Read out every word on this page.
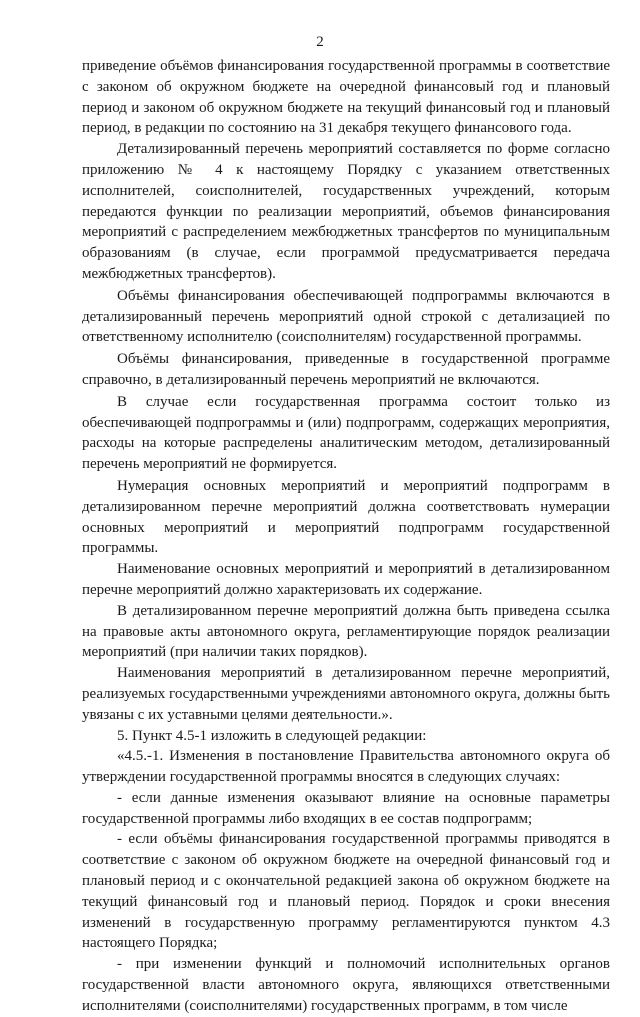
2

приведение объёмов финансирования государственной программы в соответствие с законом об окружном бюджете на очередной финансовый год и плановый период и законом об окружном бюджете на текущий финансовый год и плановый период, в редакции по состоянию на 31 декабря текущего финансового года.

Детализированный перечень мероприятий составляется по форме согласно приложению № 4 к настоящему Порядку с указанием ответственных исполнителей, соисполнителей, государственных учреждений, которым передаются функции по реализации мероприятий, объемов финансирования мероприятий с распределением межбюджетных трансфертов по муниципальным образованиям (в случае, если программой предусматривается передача межбюджетных трансфертов).

Объёмы финансирования обеспечивающей подпрограммы включаются в детализированный перечень мероприятий одной строкой с детализацией по ответственному исполнителю (соисполнителям) государственной программы.

Объёмы финансирования, приведенные в государственной программе справочно, в детализированный перечень мероприятий не включаются.

В случае если государственная программа состоит только из обеспечивающей подпрограммы и (или) подпрограмм, содержащих мероприятия, расходы на которые распределены аналитическим методом, детализированный перечень мероприятий не формируется.

Нумерация основных мероприятий и мероприятий подпрограмм в детализированном перечне мероприятий должна соответствовать нумерации основных мероприятий и мероприятий подпрограмм государственной программы.

Наименование основных мероприятий и мероприятий в детализированном перечне мероприятий должно характеризовать их содержание.

В детализированном перечне мероприятий должна быть приведена ссылка на правовые акты автономного округа, регламентирующие порядок реализации мероприятий (при наличии таких порядков).

Наименования мероприятий в детализированном перечне мероприятий, реализуемых государственными учреждениями автономного округа, должны быть увязаны с их уставными целями деятельности.».

5. Пункт 4.5-1 изложить в следующей редакции:

«4.5.-1. Изменения в постановление Правительства автономного округа об утверждении государственной программы вносятся в следующих случаях:

- если данные изменения оказывают влияние на основные параметры государственной программы либо входящих в ее состав подпрограмм;

- если объёмы финансирования государственной программы приводятся в соответствие с законом об окружном бюджете на очередной финансовый год и плановый период и с окончательной редакцией закона об окружном бюджете на текущий финансовый год и плановый период. Порядок и сроки внесения изменений в государственную программу регламентируются пунктом 4.3 настоящего Порядка;

- при изменении функций и полномочий исполнительных органов государственной власти автономного округа, являющихся ответственными исполнителями (соисполнителями) государственных программ, в том числе
